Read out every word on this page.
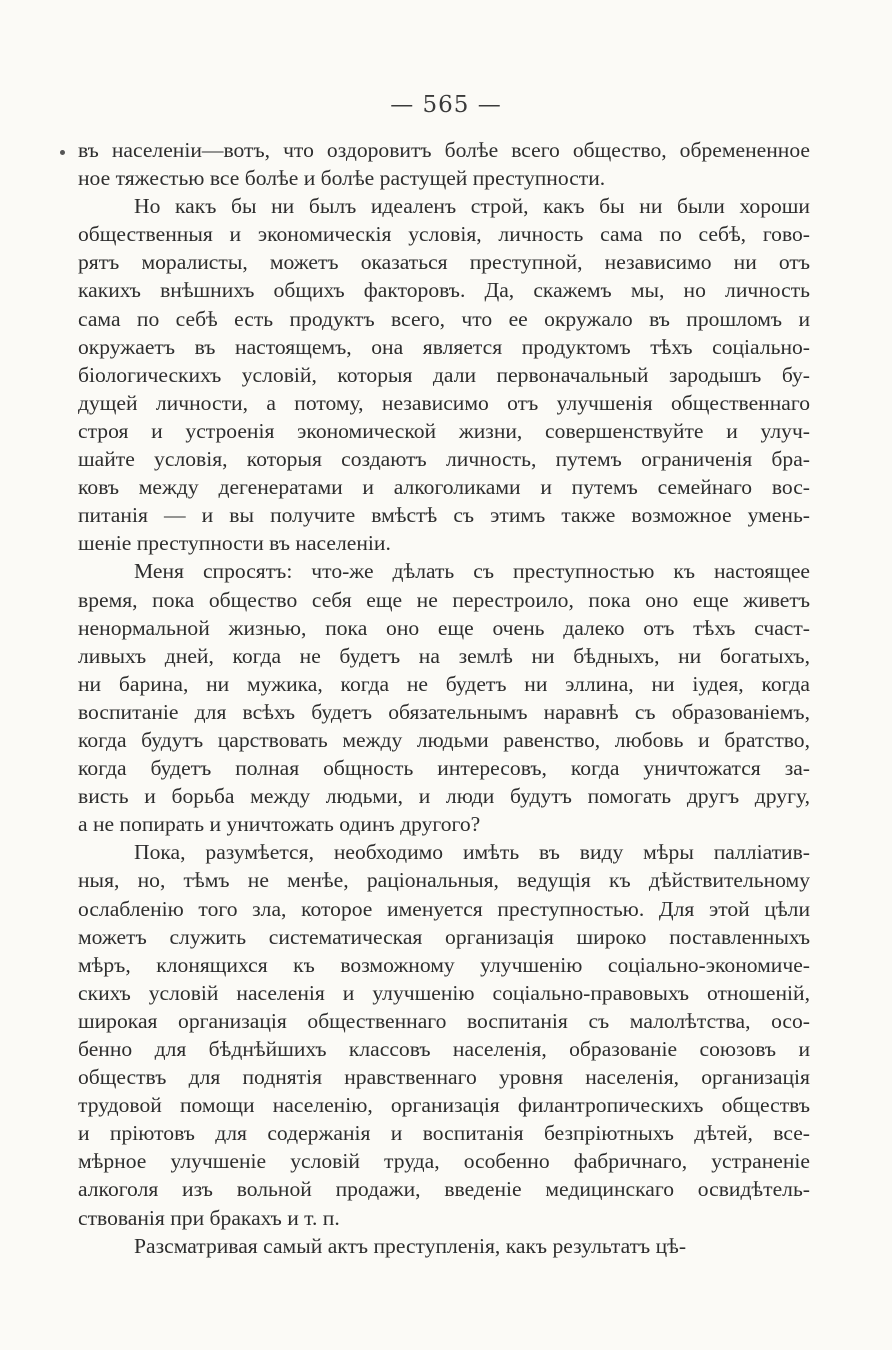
— 565 —
въ населеніи—вотъ, что оздоровитъ болѣе всего общество, обремененное
ное тяжестью все болѣе и болѣе растущей преступности.
Но какъ бы ни былъ идеаленъ строй, какъ бы ни были хороши
общественныя и экономическія условія, личность сама по себѣ, гово-
рятъ моралисты, можетъ оказаться преступной, независимо ни отъ
какихъ внѣшнихъ общихъ факторовъ. Да, скажемъ мы, но личность
сама по себѣ есть продуктъ всего, что ее окружало въ прошломъ и
окружаетъ въ настоящемъ, она является продуктомъ тѣхъ соціально-
біологическихъ условій, которыя дали первоначальный зародышъ бу-
дущей личности, а потому, независимо отъ улучшенія общественнаго
строя и устроенія экономической жизни, совершенствуйте и улуч-
шайте условія, которыя создаютъ личность, путемъ ограниченія бра-
ковъ между дегенератами и алкоголиками и путемъ семейнаго вос-
питанія — и вы получите вмѣстѣ съ этимъ также возможное умень-
шеніе преступности въ населеніи.
Меня спросятъ: что-же дѣлать съ преступностью къ настоящее
время, пока общество себя еще не перестроило, пока оно еще живетъ
ненормальной жизнью, пока оно еще очень далеко отъ тѣхъ счаст-
ливыхъ дней, когда не будетъ на землѣ ни бѣдныхъ, ни богатыхъ,
ни барина, ни мужика, когда не будетъ ни эллина, ни іудея, когда
воспитаніе для всѣхъ будетъ обязательнымъ наравнѣ съ образованіемъ,
когда будутъ царствовать между людьми равенство, любовь и братство,
когда будетъ полная общность интересовъ, когда уничтожатся за-
висть и борьба между людьми, и люди будутъ помогать другъ другу,
а не попирать и уничтожать одинъ другого?
Пока, разумѣется, необходимо имѣть въ виду мѣры палліатив-
ныя, но, тѣмъ не менѣе, раціональныя, ведущія къ дѣйствительному
ослабленію того зла, которое именуется преступностью. Для этой цѣли
можетъ служить систематическая организація широко поставленныхъ
мѣръ, клонящихся къ возможному улучшенію соціально-экономиче-
скихъ условій населенія и улучшенію соціально-правовыхъ отношеній,
широкая организація общественнаго воспитанія съ малолѣтства, осо-
бенно для бѣднѣйшихъ классовъ населенія, образованіе союзовъ и
обществъ для поднятія нравственнаго уровня населенія, организація
трудовой помощи населенію, организація филантропическихъ обществъ
и пріютовъ для содержанія и воспитанія безпріютныхъ дѣтей, все-
мѣрное улучшеніе условій труда, особенно фабричнаго, устраненіе
алкоголя изъ вольной продажи, введеніе медицинскаго освидѣтель-
ствованія при бракахъ и т. п.
Разсматривая самый актъ преступленія, какъ результатъ цѣ-
